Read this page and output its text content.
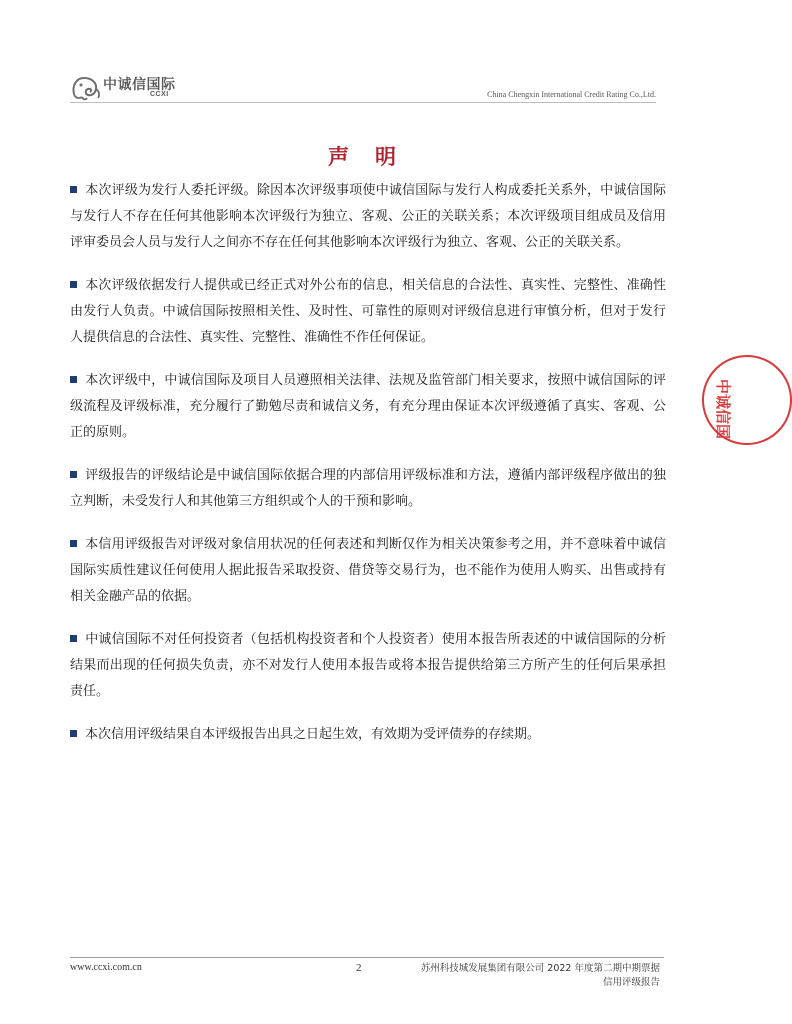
中诚信国际
CCXI	China Chengxin International Credit Rating Co.,Ltd.
声明

本次评级为发行人委托评级。除因本次评级事项使中诚信国际与发行人构成委托关系外，中诚信国际与发行人不存在任何其他影响本次评级行为独立、客观、公正的关联关系；本次评级项目组成员及信用评审委员会人员与发行人之间亦不存在任何其他影响本次评级行为独立、客观、公正的关联关系。

本次评级依据发行人提供或已经正式对外公布的信息，相关信息的合法性、真实性、完整性、准确性由发行人负责。中诚信国际按照相关性、及时性、可靠性的原则对评级信息进行审慎分析，但对于发行人提供信息的合法性、真实性、完整性、准确性不作任何保证。

本次评级中，中诚信国际及项目人员遵照相关法律、法规及监管部门相关要求，按照中诚信国际的评级流程及评级标准，充分履行了勤勉尽责和诚信义务，有充分理由保证本次评级遵循了真实、客观、公正的原则。

评级报告的评级结论是中诚信国际依据合理的内部信用评级标准和方法，遵循内部评级程序做出的独立判断，未受发行人和其他第三方组织或个人的干预和影响。

本信用评级报告对评级对象信用状况的任何表述和判断仅作为相关决策参考之用，并不意味着中诚信国际实质性建议任何使用人据此报告采取投资、借贷等交易行为，也不能作为使用人购买、出售或持有相关金融产品的依据。

中诚信国际不对任何投资者（包括机构投资者和个人投资者）使用本报告所表述的中诚信国际的分析结果而出现的任何损失负责，亦不对发行人使用本报告或将本报告提供给第三方所产生的任何后果承担责任。

本次信用评级结果自本评级报告出具之日起生效，有效期为受评债券的存续期。

中诚信国
www.ccxi.com.cn	2	苏州科技城发展集团有限公司 2022 年度第二期中期票据
信用评级报告
